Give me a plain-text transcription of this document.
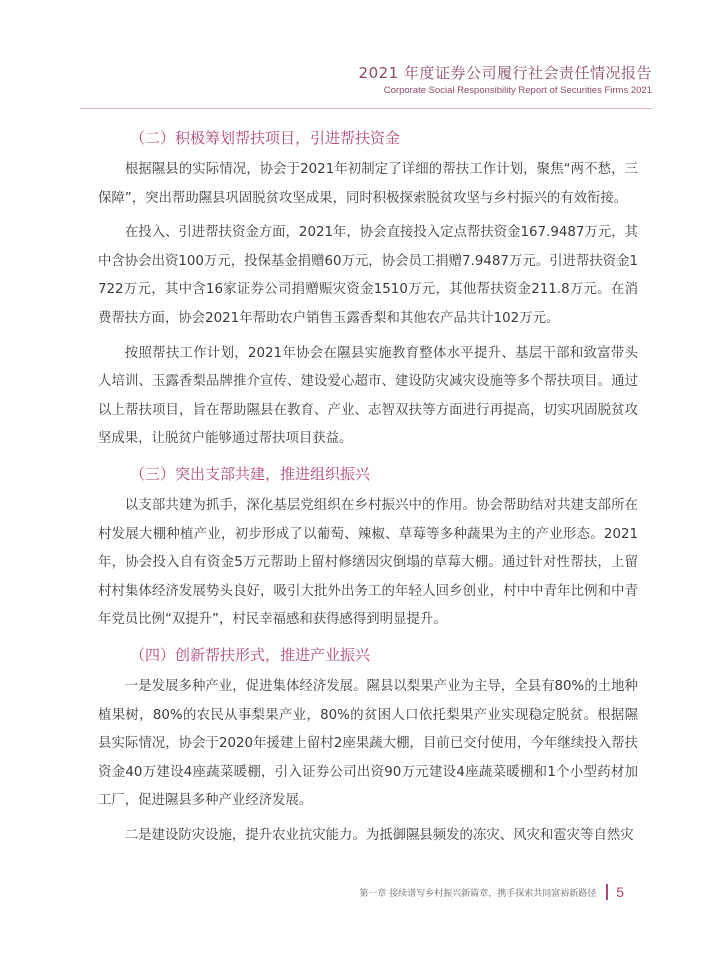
2021 年度证券公司履行社会责任情况报告
Corporate Social Responsibility Report of Securities Firms 2021
（二）积极筹划帮扶项目，引进帮扶资金

根据隰县的实际情况，协会于2021年初制定了详细的帮扶工作计划，聚焦“两不愁，三保障”，突出帮助隰县巩固脱贫攻坚成果，同时积极探索脱贫攻坚与乡村振兴的有效衔接。

在投入、引进帮扶资金方面，2021年，协会直接投入定点帮扶资金167.9487万元，其中含协会出资100万元，投保基金捐赠60万元，协会员工捐赠7.9487万元。引进帮扶资金1722万元，其中含16家证券公司捐赠赈灾资金1510万元，其他帮扶资金211.8万元。在消费帮扶方面，协会2021年帮助农户销售玉露香梨和其他农产品共计102万元。

按照帮扶工作计划，2021年协会在隰县实施教育整体水平提升、基层干部和致富带头人培训、玉露香梨品牌推介宣传、建设爱心超市、建设防灾减灾设施等多个帮扶项目。通过以上帮扶项目，旨在帮助隰县在教育、产业、志智双扶等方面进行再提高，切实巩固脱贫攻坚成果，让脱贫户能够通过帮扶项目获益。

（三）突出支部共建，推进组织振兴

以支部共建为抓手，深化基层党组织在乡村振兴中的作用。协会帮助结对共建支部所在村发展大棚种植产业，初步形成了以葡萄、辣椒、草莓等多种蔬果为主的产业形态。2021年，协会投入自有资金5万元帮助上留村修缮因灾倒塌的草莓大棚。通过针对性帮扶，上留村村集体经济发展势头良好，吸引大批外出务工的年轻人回乡创业，村中中青年比例和中青年党员比例“双提升”，村民幸福感和获得感得到明显提升。

（四）创新帮扶形式，推进产业振兴

一是发展多种产业，促进集体经济发展。隰县以梨果产业为主导，全县有80%的土地种植果树，80%的农民从事梨果产业，80%的贫困人口依托梨果产业实现稳定脱贫。根据隰县实际情况，协会于2020年援建上留村2座果蔬大棚，目前已交付使用，今年继续投入帮扶资金40万建设4座蔬菜暖棚，引入证券公司出资90万元建设4座蔬菜暖棚和1个小型药材加工厂，促进隰县多种产业经济发展。

二是建设防灾设施，提升农业抗灾能力。为抵御隰县频发的冻灾、风灾和雹灾等自然灾

第一章 接续谱写乡村振兴新篇章，携手探索共同富裕新路径 5
